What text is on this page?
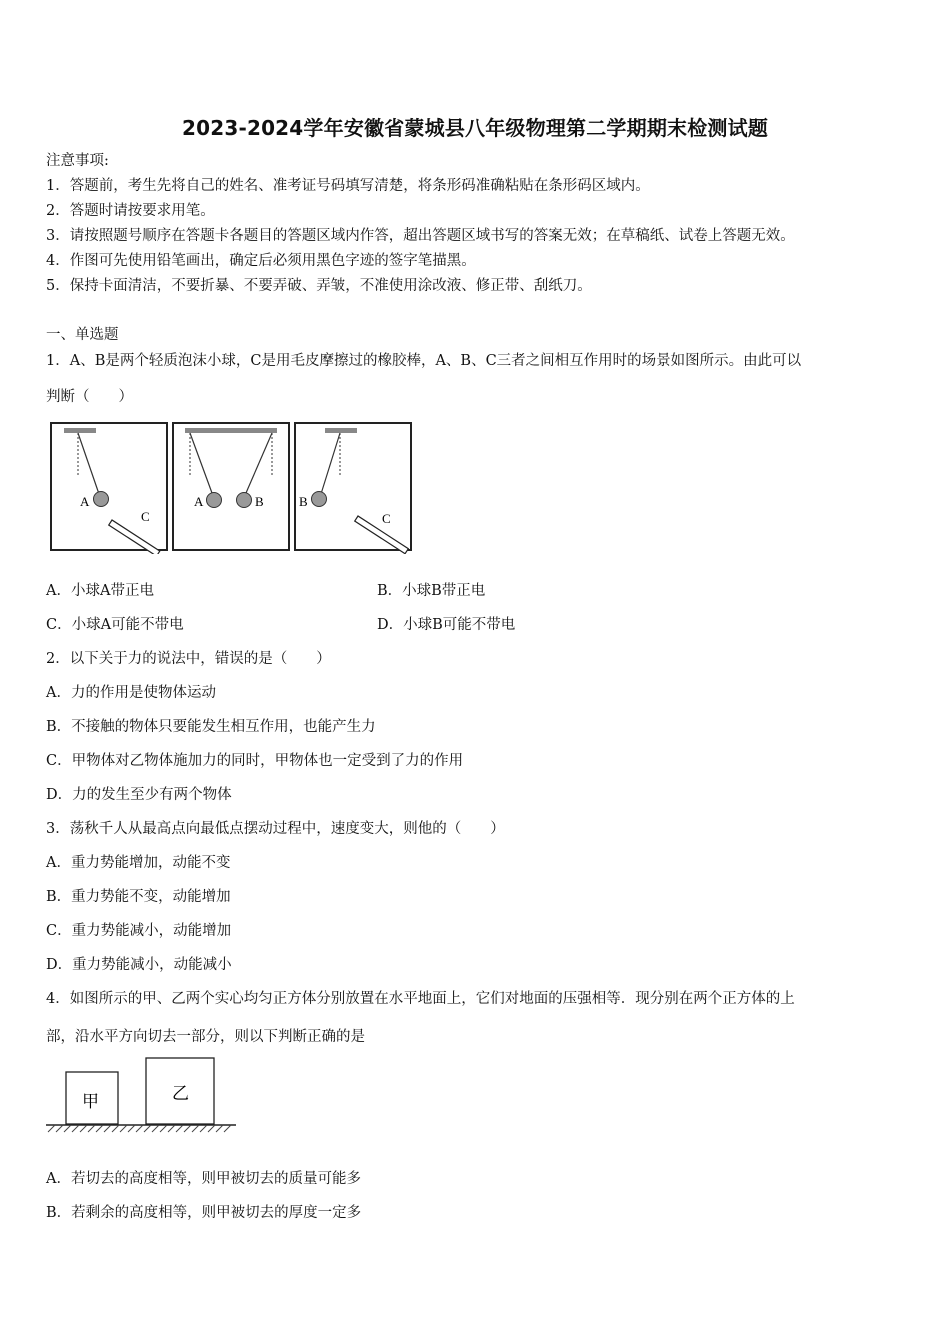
2023-2024学年安徽省蒙城县八年级物理第二学期期末检测试题
注意事项:
1．答题前，考生先将自己的姓名、准考证号码填写清楚，将条形码准确粘贴在条形码区域内。
2．答题时请按要求用笔。
3．请按照题号顺序在答题卡各题目的答题区域内作答，超出答题区域书写的答案无效；在草稿纸、试卷上答题无效。
4．作图可先使用铅笔画出，确定后必须用黑色字迹的签字笔描黑。
5．保持卡面清洁，不要折暴、不要弄破、弄皱，不准使用涂改液、修正带、刮纸刀。
一、单选题
1．A、B是两个轻质泡沫小球，C是用毛皮摩擦过的橡胶棒，A、B、C三者之间相互作用时的场景如图所示。由此可以
判断（　　）
A
C
A	B	B
C
A．小球A带正电	B．小球B带正电
C．小球A可能不带电	D．小球B可能不带电
2．以下关于力的说法中，错误的是（　　）
A．力的作用是使物体运动
B．不接触的物体只要能发生相互作用，也能产生力
C．甲物体对乙物体施加力的同时，甲物体也一定受到了力的作用
D．力的发生至少有两个物体
3．荡秋千人从最高点向最低点摆动过程中，速度变大，则他的（　　）
A．重力势能增加，动能不变
B．重力势能不变，动能增加
C．重力势能减小，动能增加
D．重力势能减小，动能减小
4．如图所示的甲、乙两个实心均匀正方体分别放置在水平地面上，它们对地面的压强相等．现分别在两个正方体的上
部，沿水平方向切去一部分，则以下判断正确的是
甲	乙
A．若切去的高度相等，则甲被切去的质量可能多
B．若剩余的高度相等，则甲被切去的厚度一定多
